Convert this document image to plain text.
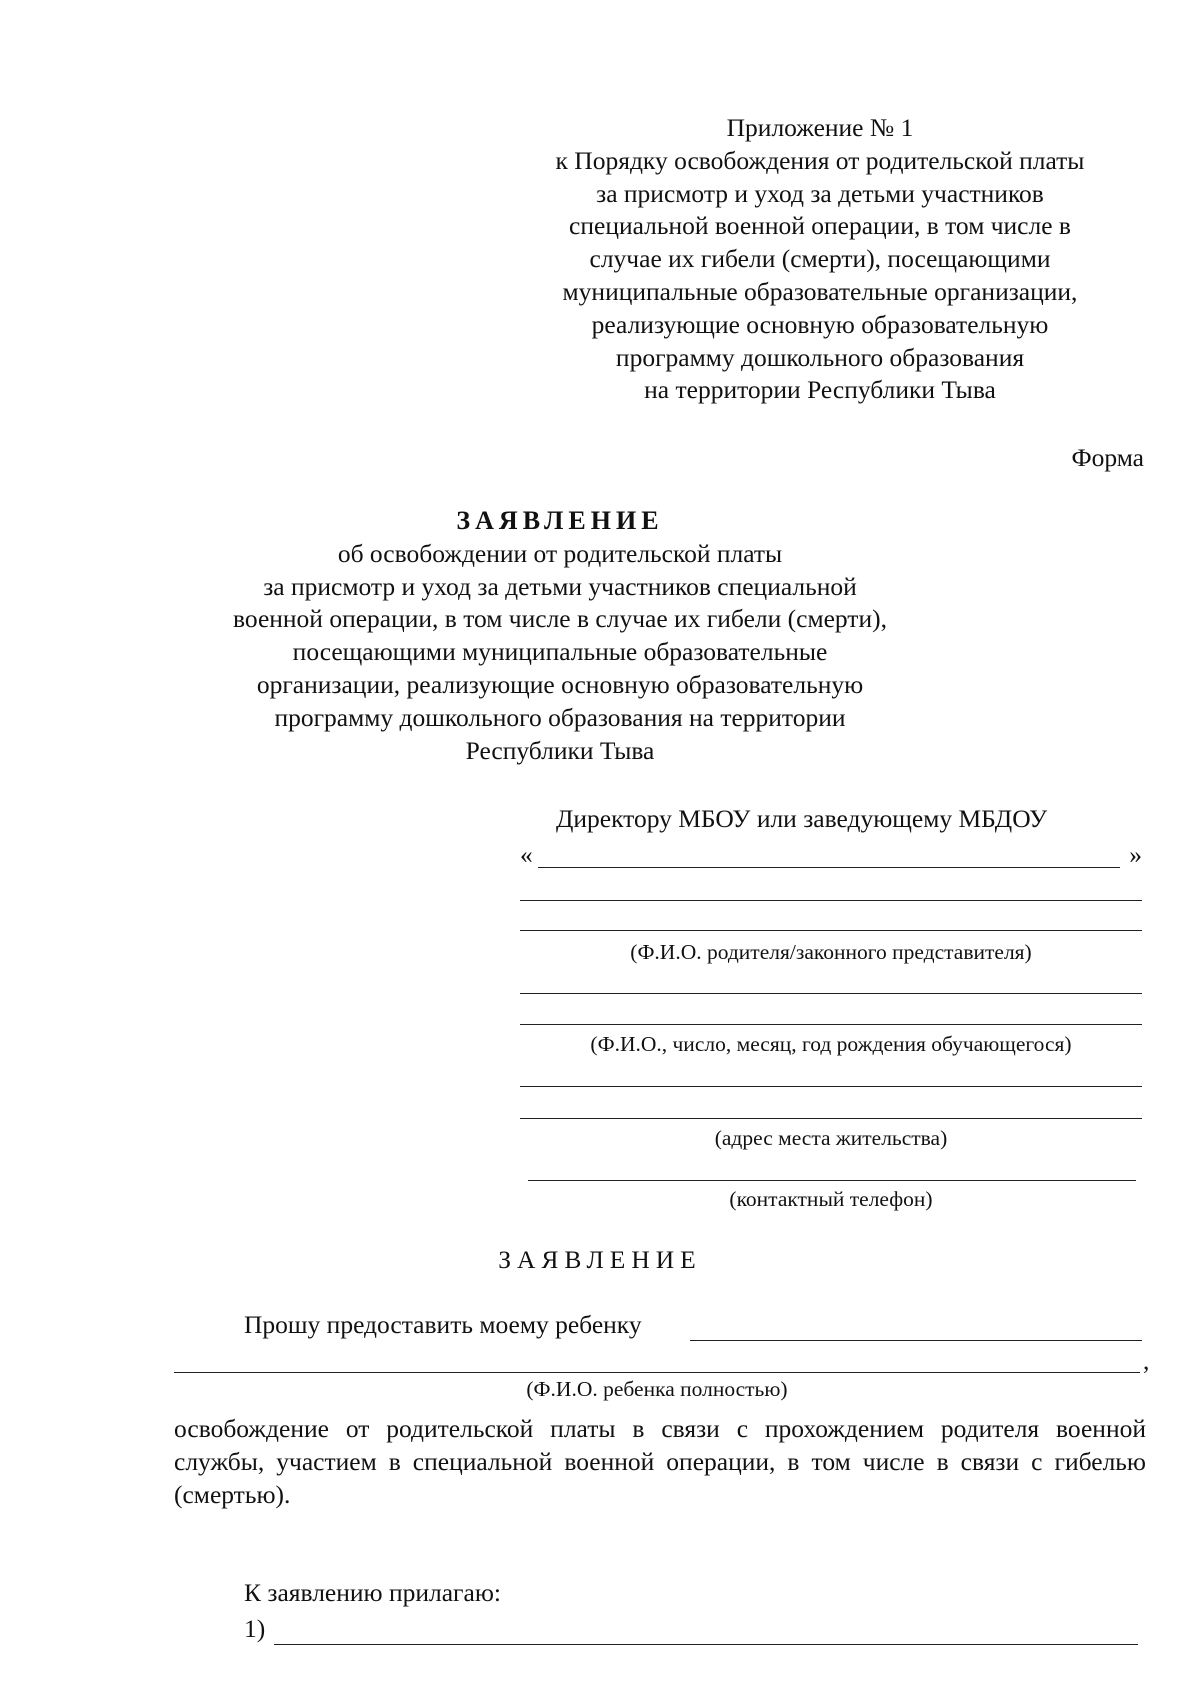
Приложение № 1
к Порядку освобождения от родительской платы
за присмотр и уход за детьми участников
специальной военной операции, в том числе в
случае их гибели (смерти), посещающими
муниципальные образовательные организации,
реализующие основную образовательную
программу дошкольного образования
на территории Республики Тыва
Форма
ЗАЯВЛЕНИЕ
об освобождении от родительской платы
за присмотр и уход за детьми участников специальной
военной операции, в том числе в случае их гибели (смерти),
посещающими муниципальные образовательные
организации, реализующие основную образовательную
программу дошкольного образования на территории
Республики Тыва
Директору МБОУ или заведующему МБДОУ
«	»
(Ф.И.О. родителя/законного представителя)
(Ф.И.О., число, месяц, год рождения обучающегося)
(адрес места жительства)
(контактный телефон)
ЗАЯВЛЕНИЕ
Прошу предоставить моему ребенку
,
(Ф.И.О. ребенка полностью)
освобождение от родительской платы в связи с прохождением родителя военной службы, участием в специальной военной операции, в том числе в связи с гибелью (смертью).
К заявлению прилагаю:
1)
